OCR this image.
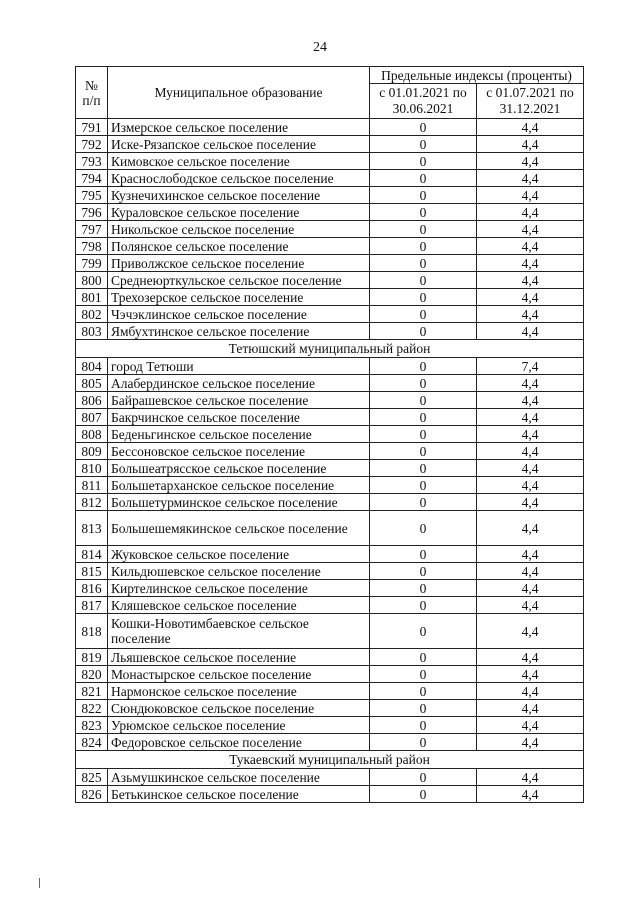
24
№ п/п	Муниципальное образование	Предельные индексы (проценты)	
		с 01.01.2021 по 30.06.2021	с 01.07.2021 по 31.12.2021
791	Измерское сельское поселение	0	4,4
792	Иске-Рязапское сельское поселение	0	4,4
793	Кимовское сельское поселение	0	4,4
794	Краснослободское сельское поселение	0	4,4
795	Кузнечихинское сельское поселение	0	4,4
796	Кураловское сельское поселение	0	4,4
797	Никольское сельское поселение	0	4,4
798	Полянское сельское поселение	0	4,4
799	Приволжское сельское поселение	0	4,4
800	Среднеюрткульское сельское поселение	0	4,4
801	Трехозерское сельское поселение	0	4,4
802	Чэчэклинское сельское поселение	0	4,4
803	Ямбухтинское сельское поселение	0	4,4
Тетюшский муниципальный район			
804	город Тетюши	0	7,4
805	Алабердинское сельское поселение	0	4,4
806	Байрашевское сельское поселение	0	4,4
807	Бакрчинское сельское поселение	0	4,4
808	Беденьгинское сельское поселение	0	4,4
809	Бессоновское сельское поселение	0	4,4
810	Большеатрясское сельское поселение	0	4,4
811	Большетарханское сельское поселение	0	4,4
812	Большетурминское сельское поселение	0	4,4
813	Большешемякинское сельское поселение	0	4,4
814	Жуковское сельское поселение	0	4,4
815	Кильдюшевское сельское поселение	0	4,4
816	Киртелинское сельское поселение	0	4,4
817	Кляшевское сельское поселение	0	4,4
818	Кошки-Новотимбаевское сельское поселение	0	4,4
819	Льяшевское сельское поселение	0	4,4
820	Монастырское сельское поселение	0	4,4
821	Нармонское сельское поселение	0	4,4
822	Сюндюковское сельское поселение	0	4,4
823	Урюмское сельское поселение	0	4,4
824	Федоровское сельское поселение	0	4,4
Тукаевский муниципальный район			
825	Азьмушкинское сельское поселение	0	4,4
826	Бетькинское сельское поселение	0	4,4
